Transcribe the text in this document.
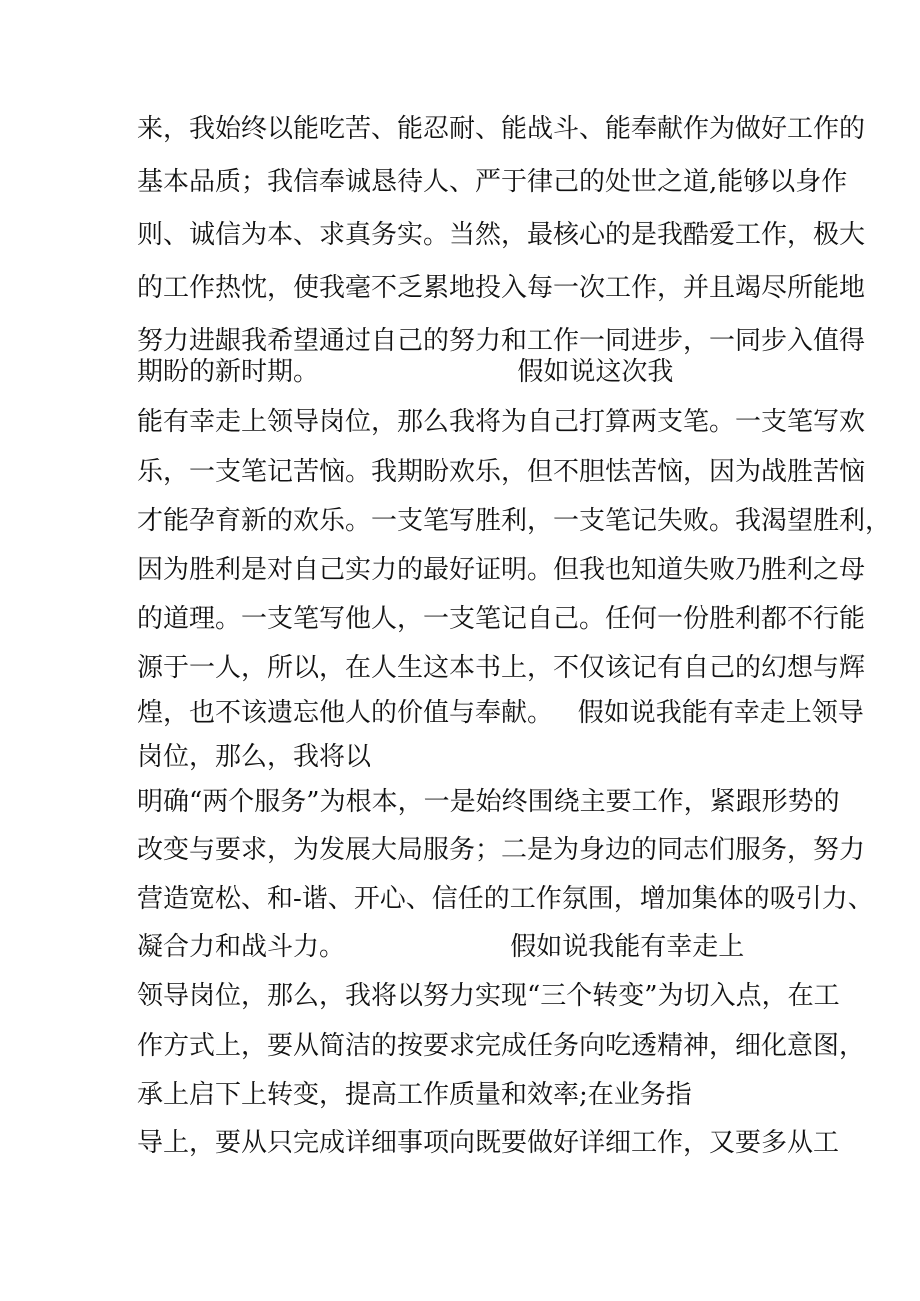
来，我始终以能吃苦、能忍耐、能战斗、能奉献作为做好工作的
基本品质；我信奉诚恳待人、严于律己的处世之道,能够以身作
则、诚信为本、求真务实。当然，最核心的是我酷爱工作，极大
的工作热忱，使我毫不乏累地投入每一次工作，并且竭尽所能地
努力进龈我希望通过自己的努力和工作一同进步，一同步入值得
期盼的新时期。                        假如说这次我
能有幸走上领导岗位，那么我将为自己打算两支笔。一支笔写欢
乐，一支笔记苦恼。我期盼欢乐，但不胆怯苦恼，因为战胜苦恼
才能孕育新的欢乐。一支笔写胜利，一支笔记失败。我渴望胜利，
因为胜利是对自己实力的最好证明。但我也知道失败乃胜利之母
的道理。一支笔写他人，一支笔记自己。任何一份胜利都不行能
源于一人，所以，在人生这本书上，不仅该记有自己的幻想与辉
煌，也不该遗忘他人的价值与奉献。   假如说我能有幸走上领导
岗位，那么，我将以
明确“两个服务”为根本，一是始终围绕主要工作，紧跟形势的
改变与要求，为发展大局服务；二是为身边的同志们服务，努力
营造宽松、和-谐、开心、信任的工作氛围，增加集体的吸引力、
凝合力和战斗力。                    假如说我能有幸走上
领导岗位，那么，我将以努力实现“三个转变”为切入点，在工
作方式上，要从简洁的按要求完成任务向吃透精神，细化意图，
承上启下上转变，提高工作质量和效率;在业务指
导上，要从只完成详细事项向既要做好详细工作，又要多从工
